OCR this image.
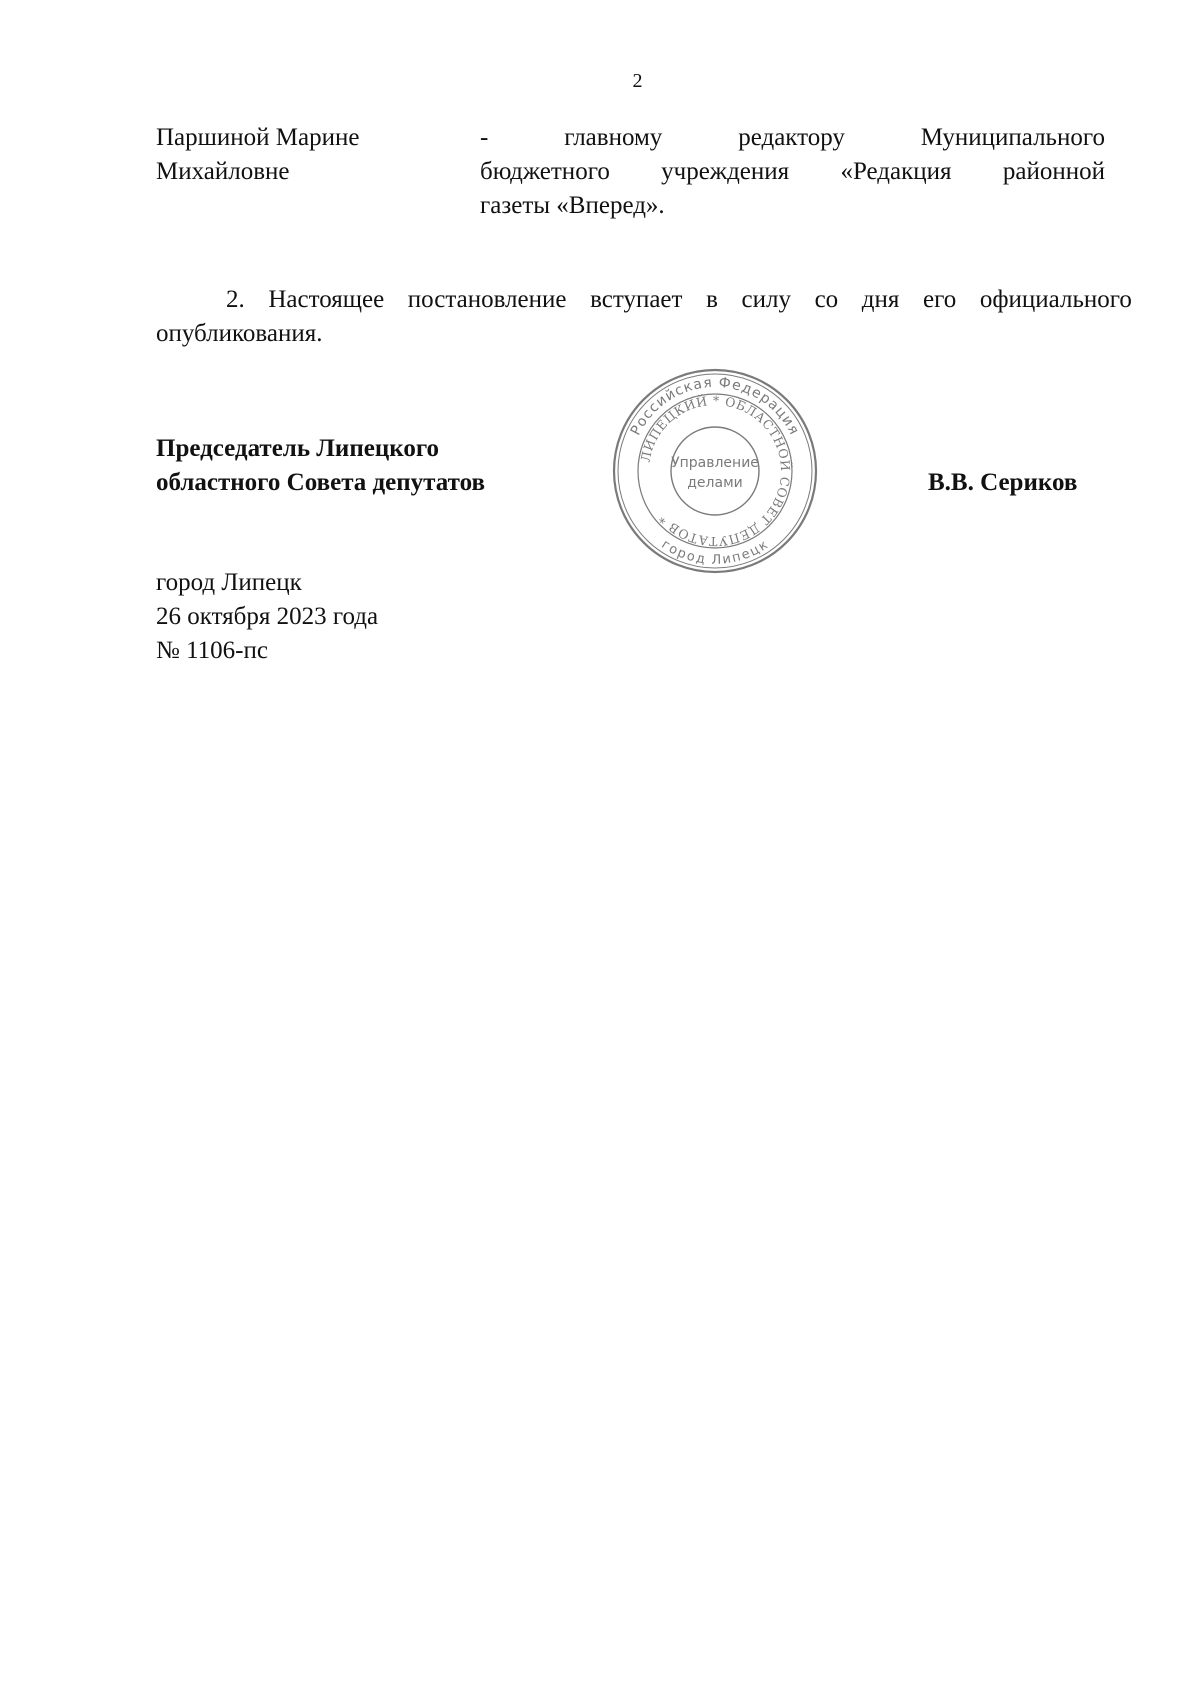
2
Паршиной Марине
Михайловне
-	главному	редактору	Муниципального
бюджетного учреждения «Редакция районной
газеты «Вперед».
2. Настоящее постановление вступает в силу со дня его официального
опубликования.
Председатель Липецкого
областного Совета депутатов
Российская Федерация
ЛИПЕЦКИЙ * ОБЛАСТНОЙ СОВЕТ ДЕПУТАТОВ *
город Липецк
Управление
делами	В.В. Сериков
город Липецк
26 октября 2023 года
№ 1106-пс
